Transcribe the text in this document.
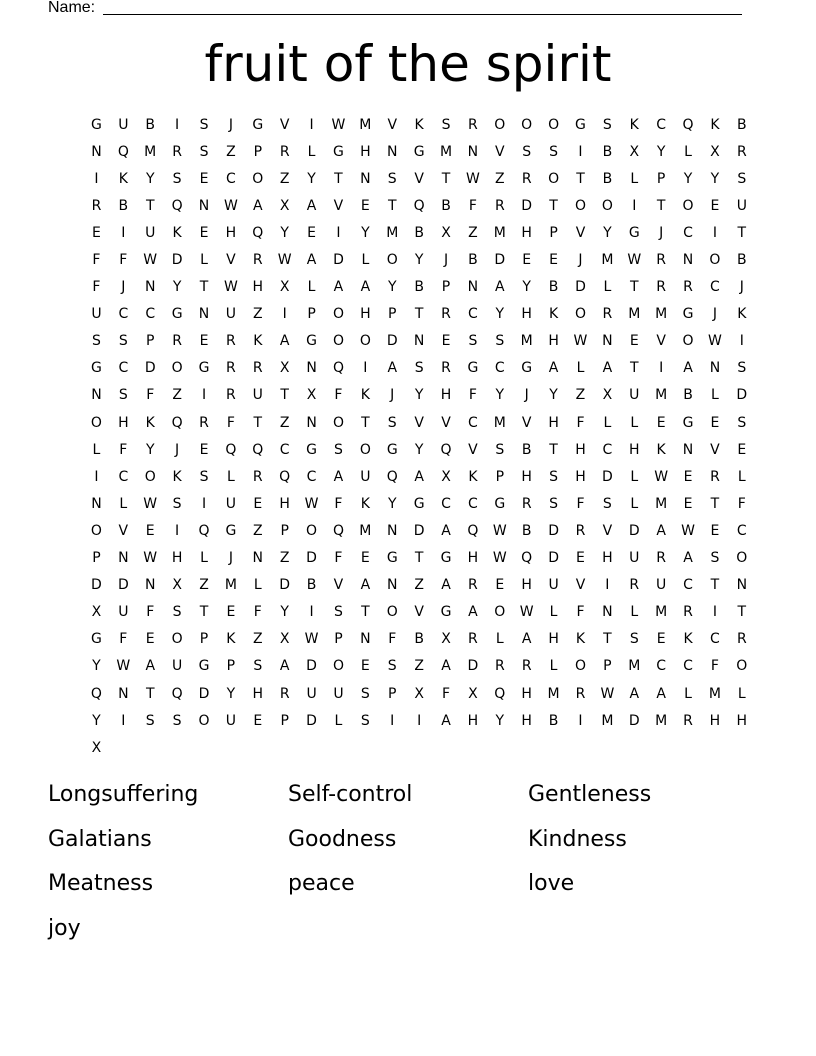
Name:
fruit of the spirit
G	U	B	I	S	J	G	V	I	W M	V	K	S	R	O	O	O	G	S	K	C	Q	K	B
N	Q	M	R	S	Z	P	R	L	G	H	N	G	M	N	V	S	S	I	B	X	Y	L	X	R
I	K	Y	S	E	C	O	Z	Y	T	N	S	V	T	W	Z	R	O	T	B	L	P	Y	Y	S
R	B	T	Q	N	W	A	X	A	V	E	T	Q	B	F	R	D	T	O	O	I	T	O	E	U
E	I	U	K	E	H	Q	Y	E	I	Y	M	B	X	Z	M	H	P	V	Y	G	J	C	I	T
F	F	W	D	L	V	R	W	A	D	L	O	Y	J	B	D	E	E	J	M W	R	N	O	B
F	J	N	Y	T	W	H	X	L	A	A	Y	B	P	N	A	Y	B	D	L	T	R	R	C	J
U	C	C	G	N	U	Z	I	P	O	H	P	T	R	C	Y	H	K	O	R	M	M	G	J	K
S	S	P	R	E	R	K	A	G	O	O	D	N	E	S	S	M	H	W	N	E	V	O	W	I
G	C	D	O	G	R	R	X	N	Q	I	A	S	R	G	C	G	A	L	A	T	I	A	N	S
N	S	F	Z	I	R	U	T	X	F	K	J	Y	H	F	Y	J	Y	Z	X	U	M	B	L	D
O	H	K	Q	R	F	T	Z	N	O	T	S	V	V	C	M	V	H	F	L	L	E	G	E	S
L	F	Y	J	E	Q	Q	C	G	S	O	G	Y	Q	V	S	B	T	H	C	H	K	N	V	E
I	C	O	K	S	L	R	Q	C	A	U	Q	A	X	K	P	H	S	H	D	L	W	E	R	L
N	L	W	S	I	U	E	H	W	F	K	Y	G	C	C	G	R	S	F	S	L	M	E	T	F
O	V	E	I	Q	G	Z	P	O	Q	M	N	D	A	Q	W	B	D	R	V	D	A	W	E	C
P	N	W	H	L	J	N	Z	D	F	E	G	T	G	H	W	Q	D	E	H	U	R	A	S	O
D	D	N	X	Z	M	L	D	B	V	A	N	Z	A	R	E	H	U	V	I	R	U	C	T	N
X	U	F	S	T	E	F	Y	I	S	T	O	V	G	A	O	W	L	F	N	L	M	R	I	T
G	F	E	O	P	K	Z	X	W	P	N	F	B	X	R	L	A	H	K	T	S	E	K	C	R
Y	W	A	U	G	P	S	A	D	O	E	S	Z	A	D	R	R	L	O	P	M	C	C	F	O
Q	N	T	Q	D	Y	H	R	U	U	S	P	X	F	X	Q	H	M	R	W	A	A	L	M	L
Y	I	S	S	O	U	E	P	D	L	S	I	I	A	H	Y	H	B	I	M	D	M	R	H	H
X
Longsuffering	Self-control	Gentleness
Galatians	Goodness	Kindness
Meatness	peace	love
joy
